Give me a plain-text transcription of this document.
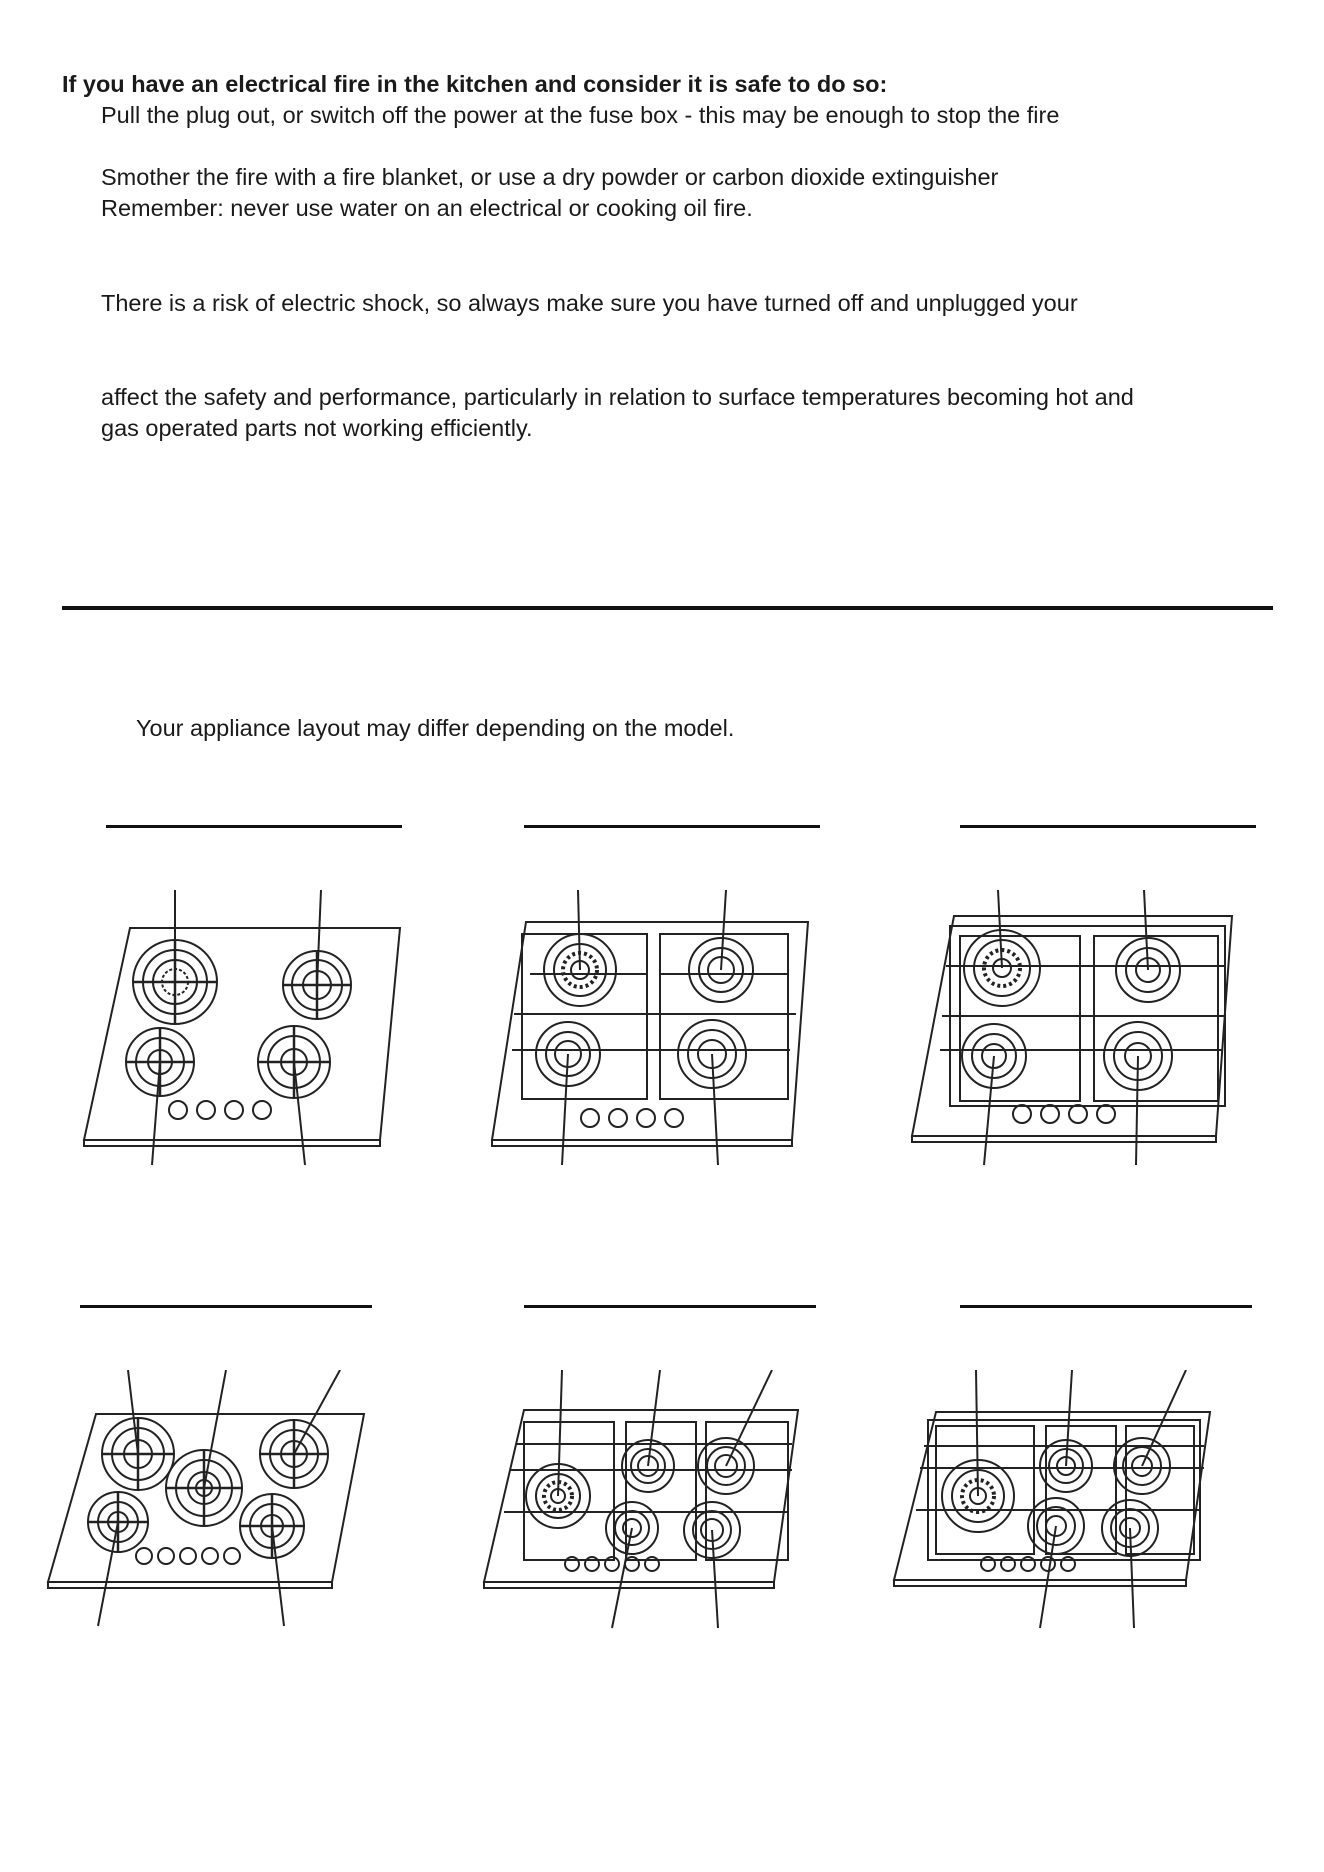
If you have an electrical fire in the kitchen and consider it is safe to do so:
Pull the plug out, or switch off the power at the fuse box - this may be enough to stop the fire
Smother the fire with a fire blanket, or use a dry powder or carbon dioxide extinguisher
Remember: never use water on an electrical or cooking oil fire.
There is a risk of electric shock, so always make sure you have turned off and unplugged your
affect the safety and performance, particularly in relation to surface temperatures becoming hot and
gas operated parts not working efficiently.
Your appliance layout may differ depending on the model.
